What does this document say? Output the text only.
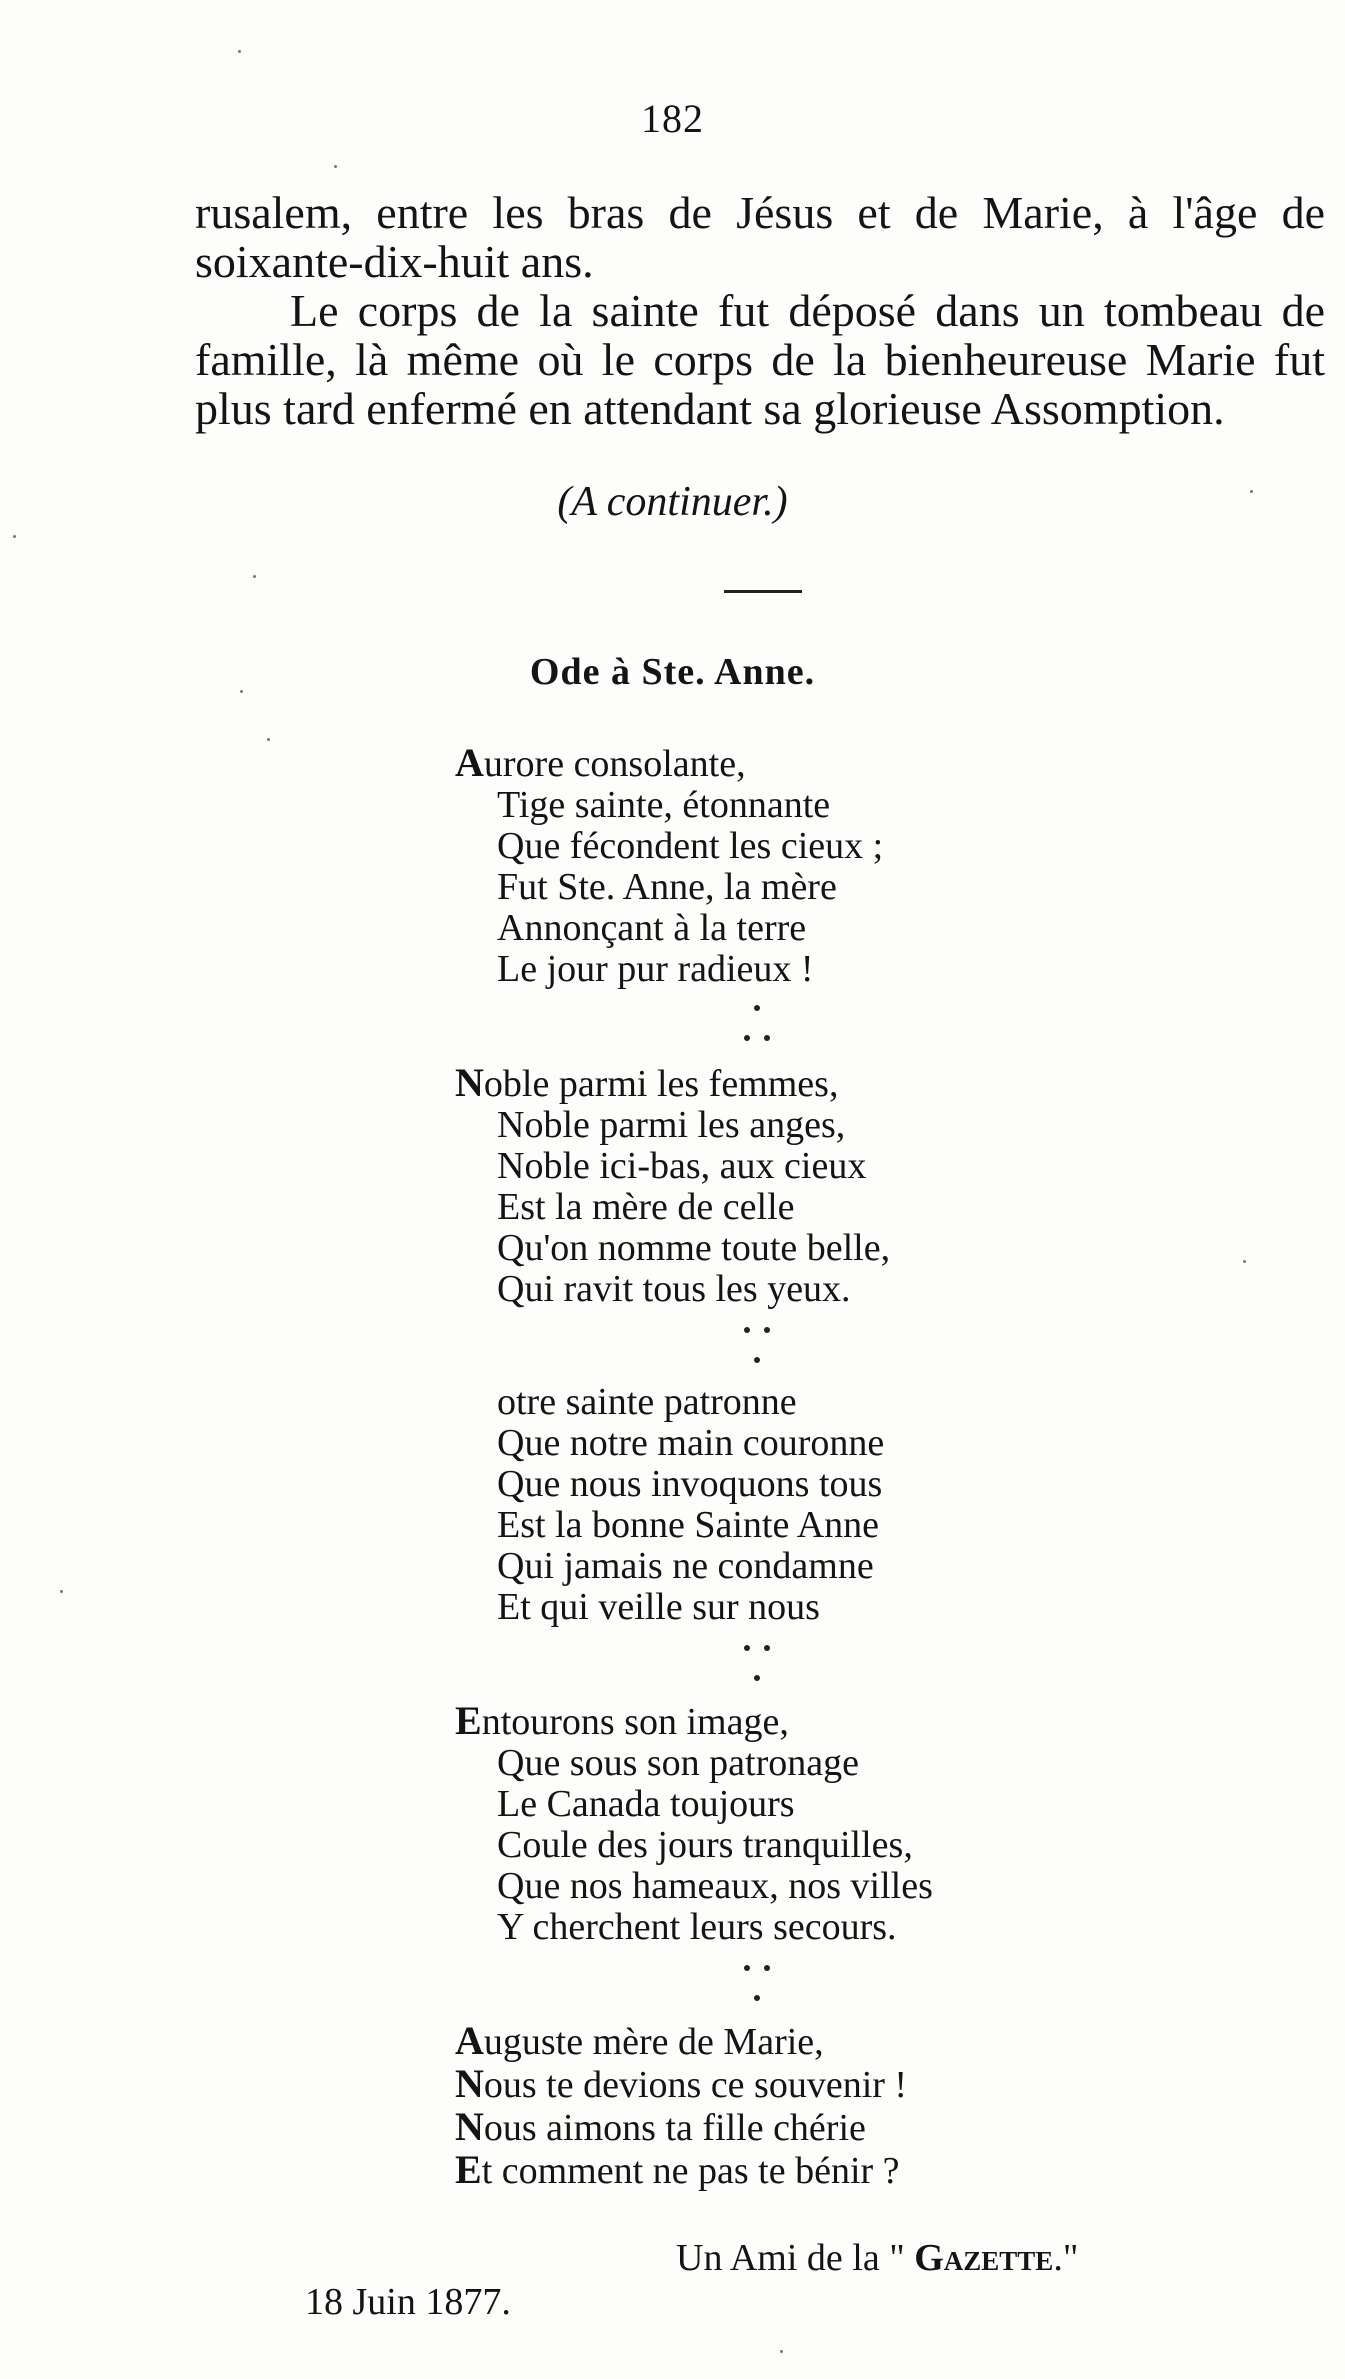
182

rusalem, entre les bras de Jésus et de Marie, à l'âge de soixante-dix-huit ans.

Le corps de la sainte fut déposé dans un tombeau de famille, là même où le corps de la bienheureuse Marie fut plus tard enfermé en attendant sa glorieuse Assomption.

(A continuer.)
Ode à Ste. Anne.
Aurore consolante,
Tige sainte, étonnante
Que fécondent les cieux ;
Fut Ste. Anne, la mère
Annonçant à la terre
Le jour pur radieux !
Noble parmi les femmes,
Noble parmi les anges,
Noble ici-bas, aux cieux
Est la mère de celle
Qu'on nomme toute belle,
Qui ravit tous les yeux.
otre sainte patronne
Que notre main couronne
Que nous invoquons tous
Est la bonne Sainte Anne
Qui jamais ne condamne
Et qui veille sur nous
Entourons son image,
Que sous son patronage
Le Canada toujours
Coule des jours tranquilles,
Que nos hameaux, nos villes
Y cherchent leurs secours.
Auguste mère de Marie,
Nous te devions ce souvenir !
Nous aimons ta fille chérie
Et comment ne pas te bénir ?
Un Ami de la " Gazette."
18 Juin 1877.
